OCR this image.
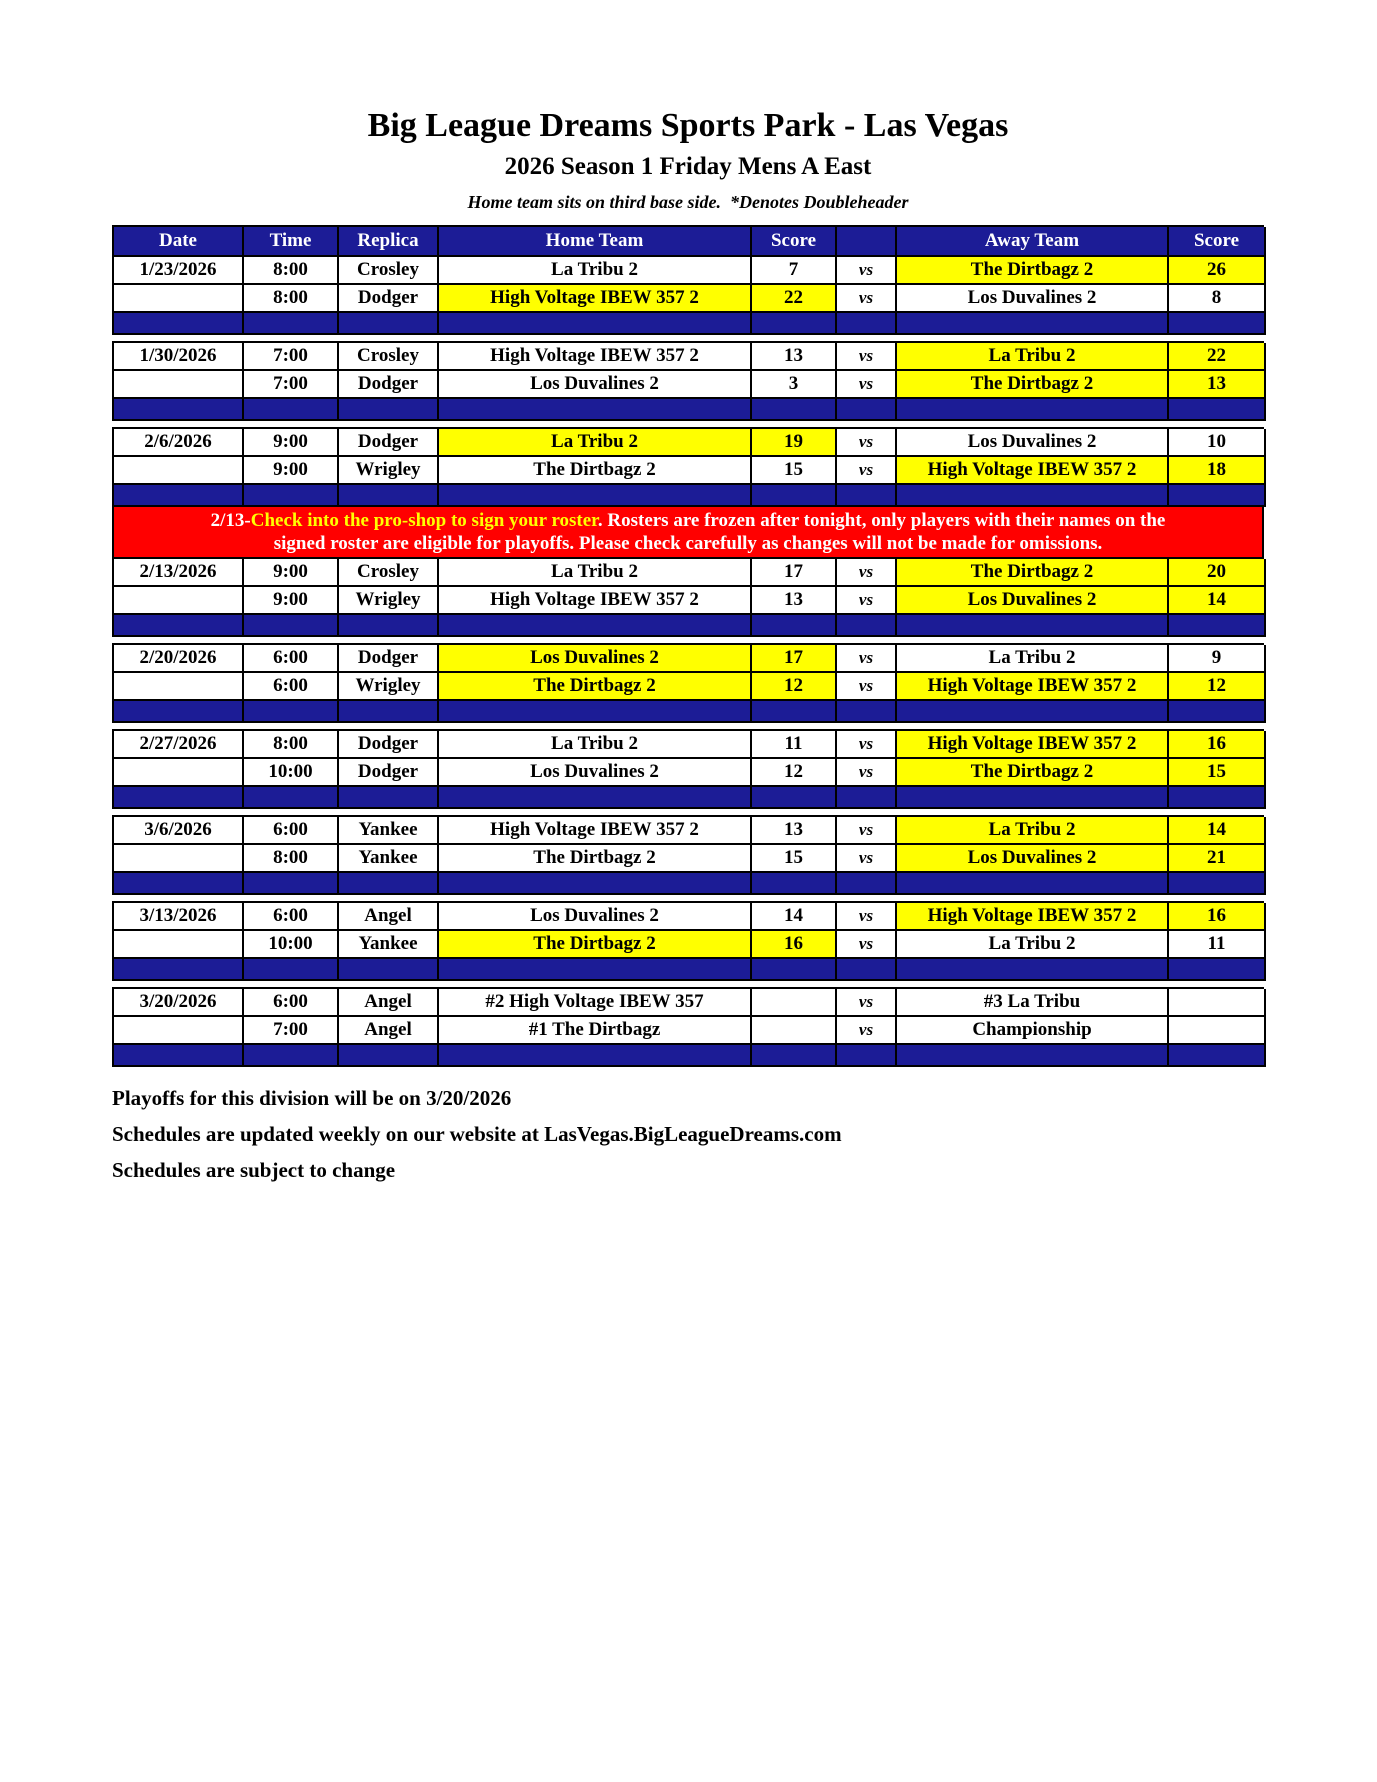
Big League Dreams Sports Park - Las Vegas
2026 Season 1 Friday Mens A East
Home team sits on third base side.  *Denotes Doubleheader
Date	Time	Replica	Home Team	Score	Away Team	Score
1/23/2026	8:00	Crosley	La Tribu 2	7	vs	The Dirtbagz 2	26
8:00	Dodger	High Voltage IBEW 357 2	22	vs	Los Duvalines 2	8
1/30/2026	7:00	Crosley	High Voltage IBEW 357 2	13	vs	La Tribu 2	22
7:00	Dodger	Los Duvalines 2	3	vs	The Dirtbagz 2	13
2/6/2026	9:00	Dodger	La Tribu 2	19	vs	Los Duvalines 2	10
9:00	Wrigley	The Dirtbagz 2	15	vs	High Voltage IBEW 357 2	18
2/13-Check into the pro-shop to sign your roster. Rosters are frozen after tonight, only players with their names on the
signed roster are eligible for playoffs. Please check carefully as changes will not be made for omissions.
2/13/2026	9:00	Crosley	La Tribu 2	17	vs	The Dirtbagz 2	20
9:00	Wrigley	High Voltage IBEW 357 2	13	vs	Los Duvalines 2	14
2/20/2026	6:00	Dodger	Los Duvalines 2	17	vs	La Tribu 2	9
6:00	Wrigley	The Dirtbagz 2	12	vs	High Voltage IBEW 357 2	12
2/27/2026	8:00	Dodger	La Tribu 2	11	vs	High Voltage IBEW 357 2	16
10:00	Dodger	Los Duvalines 2	12	vs	The Dirtbagz 2	15
3/6/2026	6:00	Yankee	High Voltage IBEW 357 2	13	vs	La Tribu 2	14
8:00	Yankee	The Dirtbagz 2	15	vs	Los Duvalines 2	21
3/13/2026	6:00	Angel	Los Duvalines 2	14	vs	High Voltage IBEW 357 2	16
10:00	Yankee	The Dirtbagz 2	16	vs	La Tribu 2	11
3/20/2026	6:00	Angel	#2 High Voltage IBEW 357	vs	#3 La Tribu
7:00	Angel	#1 The Dirtbagz	vs	Championship
Playoffs for this division will be on 3/20/2026
Schedules are updated weekly on our website at LasVegas.BigLeagueDreams.com
Schedules are subject to change
